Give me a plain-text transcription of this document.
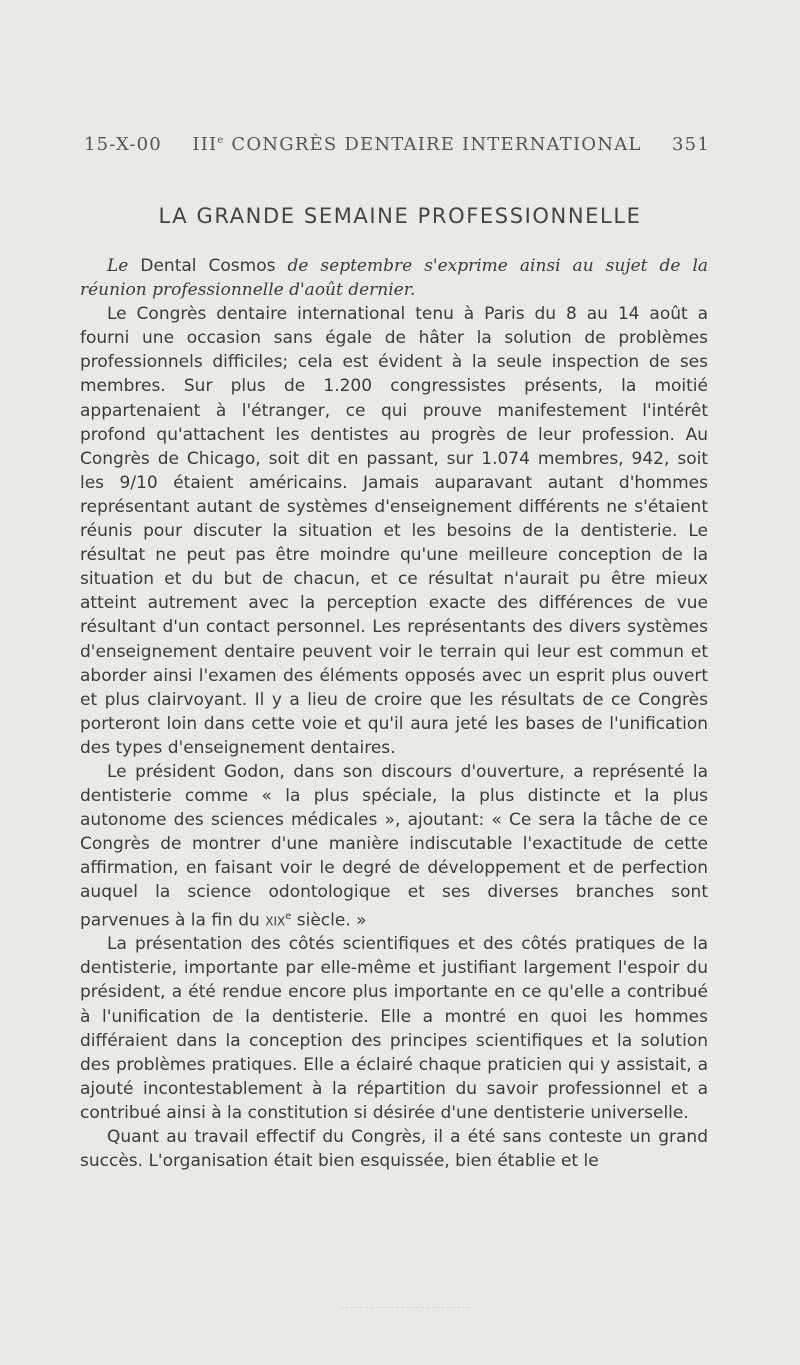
15-X-00 IIIe CONGRÈS DENTAIRE INTERNATIONAL 351
LA GRANDE SEMAINE PROFESSIONNELLE

Le Dental Cosmos de septembre s'exprime ainsi au sujet de la réunion professionnelle d'août dernier.

Le Congrès dentaire international tenu à Paris du 8 au 14 août a fourni une occasion sans égale de hâter la solution de problèmes professionnels difficiles; cela est évident à la seule inspection de ses membres. Sur plus de 1.200 congressistes présents, la moitié appartenaient à l'étranger, ce qui prouve manifestement l'intérêt profond qu'attachent les dentistes au progrès de leur profession. Au Congrès de Chicago, soit dit en passant, sur 1.074 membres, 942, soit les 9/10 étaient américains. Jamais auparavant autant d'hommes représentant autant de systèmes d'enseignement différents ne s'étaient réunis pour discuter la situation et les besoins de la dentisterie. Le résultat ne peut pas être moindre qu'une meilleure conception de la situation et du but de chacun, et ce résultat n'aurait pu être mieux atteint autrement avec la perception exacte des différences de vue résultant d'un contact personnel. Les représentants des divers systèmes d'enseignement dentaire peuvent voir le terrain qui leur est commun et aborder ainsi l'examen des éléments opposés avec un esprit plus ouvert et plus clairvoyant. Il y a lieu de croire que les résultats de ce Congrès porteront loin dans cette voie et qu'il aura jeté les bases de l'unification des types d'enseignement dentaires.

Le président Godon, dans son discours d'ouverture, a représenté la dentisterie comme « la plus spéciale, la plus distincte et la plus autonome des sciences médicales », ajoutant: « Ce sera la tâche de ce Congrès de montrer d'une manière indiscutable l'exactitude de cette affirmation, en faisant voir le degré de développement et de perfection auquel la science odontologique et ses diverses branches sont parvenues à la fin du xix$^e$ siècle. »

La présentation des côtés scientifiques et des côtés pratiques de la dentisterie, importante par elle-même et justifiant largement l'espoir du président, a été rendue encore plus importante en ce qu'elle a contribué à l'unification de la dentisterie. Elle a montré en quoi les hommes différaient dans la conception des principes scientifiques et la solution des problèmes pratiques. Elle a éclairé chaque praticien qui y assistait, a ajouté incontestablement à la répartition du savoir professionnel et a contribué ainsi à la constitution si désirée d'une dentisterie universelle.

Quant au travail effectif du Congrès, il a été sans conteste un grand succès. L'organisation était bien esquissée, bien établie et le
